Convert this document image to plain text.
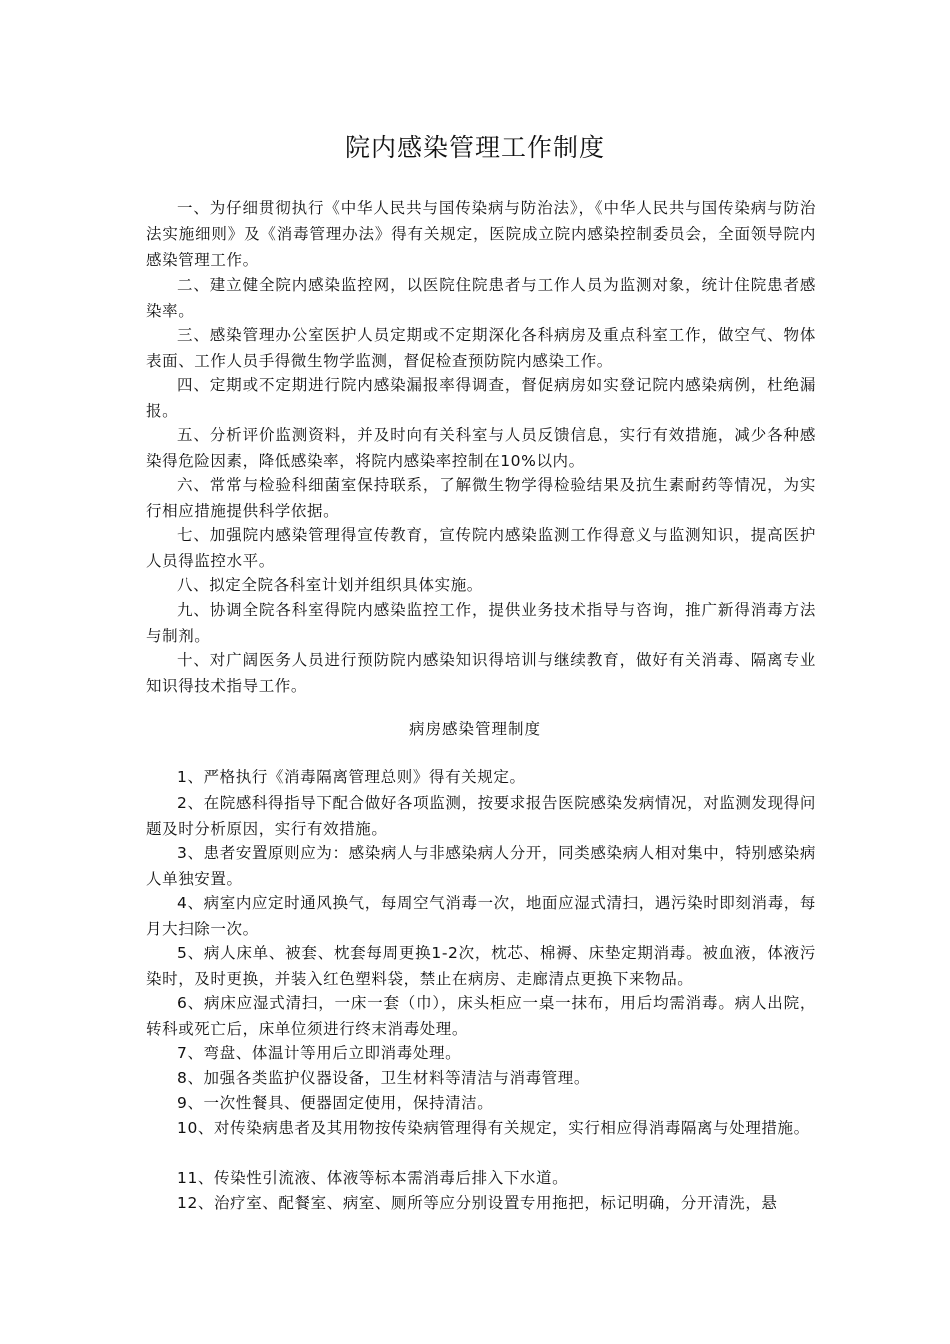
院内感染管理工作制度
一、为仔细贯彻执行《中华人民共与国传染病与防治法》，《中华人民共与国传染病与防治法实施细则》及《消毒管理办法》得有关规定，医院成立院内感染控制委员会，全面领导院内感染管理工作。
二、建立健全院内感染监控网，以医院住院患者与工作人员为监测对象，统计住院患者感染率。
三、感染管理办公室医护人员定期或不定期深化各科病房及重点科室工作，做空气、物体表面、工作人员手得微生物学监测，督促检查预防院内感染工作。
四、定期或不定期进行院内感染漏报率得调查，督促病房如实登记院内感染病例，杜绝漏报。
五、分析评价监测资料，并及时向有关科室与人员反馈信息，实行有效措施，减少各种感染得危险因素，降低感染率，将院内感染率控制在10%以内。
六、常常与检验科细菌室保持联系，了解微生物学得检验结果及抗生素耐药等情况，为实行相应措施提供科学依据。
七、加强院内感染管理得宣传教育，宣传院内感染监测工作得意义与监测知识，提高医护人员得监控水平。
八、拟定全院各科室计划并组织具体实施。
九、协调全院各科室得院内感染监控工作，提供业务技术指导与咨询，推广新得消毒方法与制剂。
十、对广阔医务人员进行预防院内感染知识得培训与继续教育，做好有关消毒、隔离专业知识得技术指导工作。
病房感染管理制度
1、严格执行《消毒隔离管理总则》得有关规定。
2、在院感科得指导下配合做好各项监测，按要求报告医院感染发病情况，对监测发现得问题及时分析原因，实行有效措施。
3、患者安置原则应为：感染病人与非感染病人分开，同类感染病人相对集中，特别感染病人单独安置。
4、病室内应定时通风换气，每周空气消毒一次，地面应湿式清扫，遇污染时即刻消毒，每月大扫除一次。
5、病人床单、被套、枕套每周更换1-2次，枕芯、棉褥、床垫定期消毒。被血液，体液污染时，及时更换，并装入红色塑料袋，禁止在病房、走廊清点更换下来物品。
6、病床应湿式清扫，一床一套（巾），床头柜应一桌一抹布，用后均需消毒。病人出院，转科或死亡后，床单位须进行终末消毒处理。
7、弯盘、体温计等用后立即消毒处理。
8、加强各类监护仪器设备，卫生材料等清洁与消毒管理。
9、一次性餐具、便器固定使用，保持清洁。
10、对传染病患者及其用物按传染病管理得有关规定，实行相应得消毒隔离与处理措施。
11、传染性引流液、体液等标本需消毒后排入下水道。
12、治疗室、配餐室、病室、厕所等应分别设置专用拖把，标记明确，分开清洗，悬
